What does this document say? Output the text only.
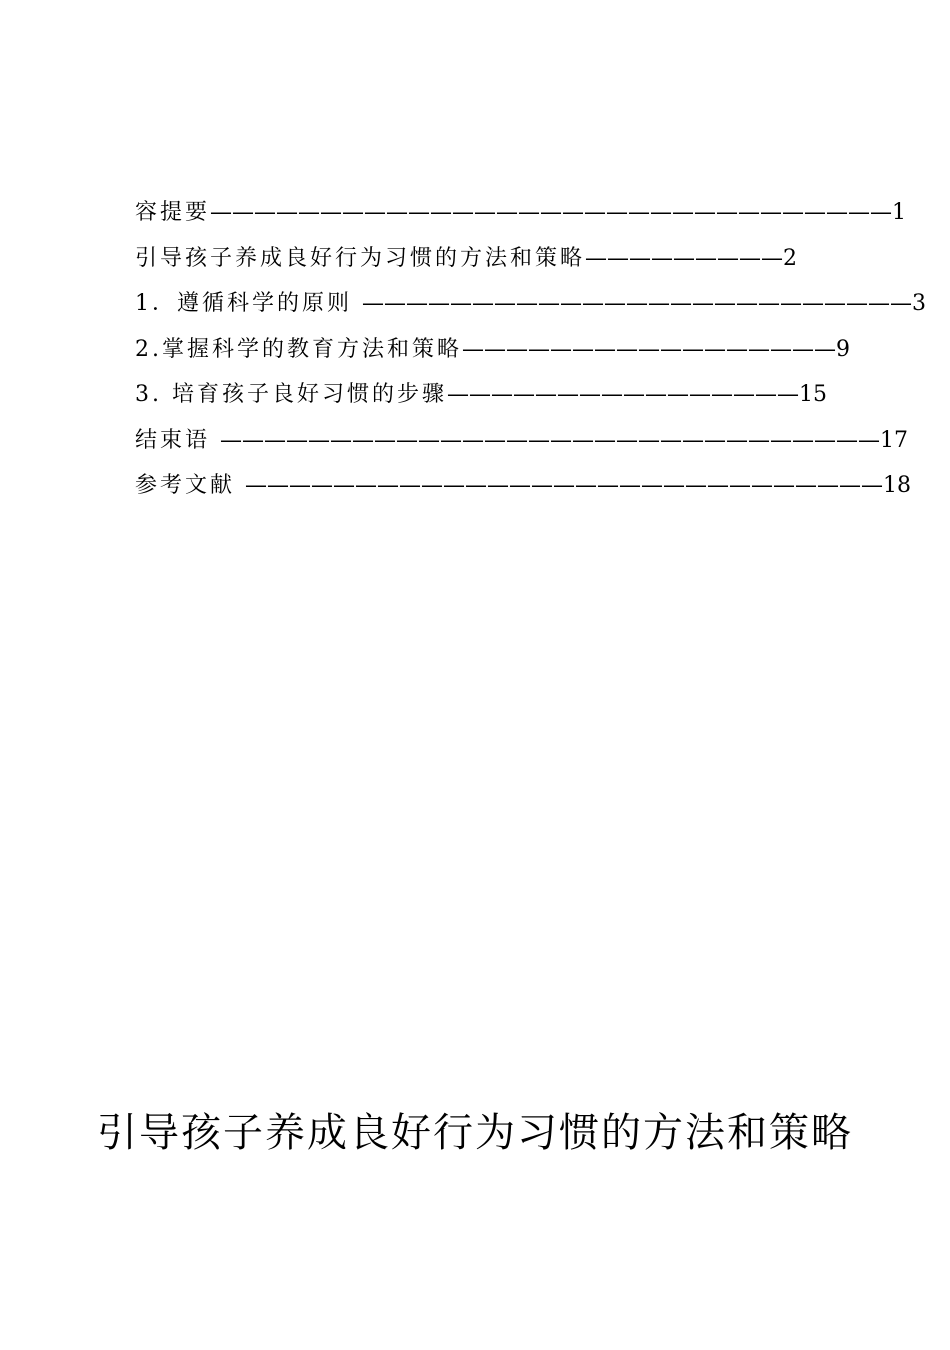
容提要———————————————————————————————1
引导孩子养成良好行为习惯的方法和策略—————————2
1．遵循科学的原则 —————————————————————————3
2.掌握科学的教育方法和策略—————————————————9
3. 培育孩子良好习惯的步骤————————————————15
结束语 ——————————————————————————————17
参考文献 —————————————————————————————18
引导孩子养成良好行为习惯的方法和策略
